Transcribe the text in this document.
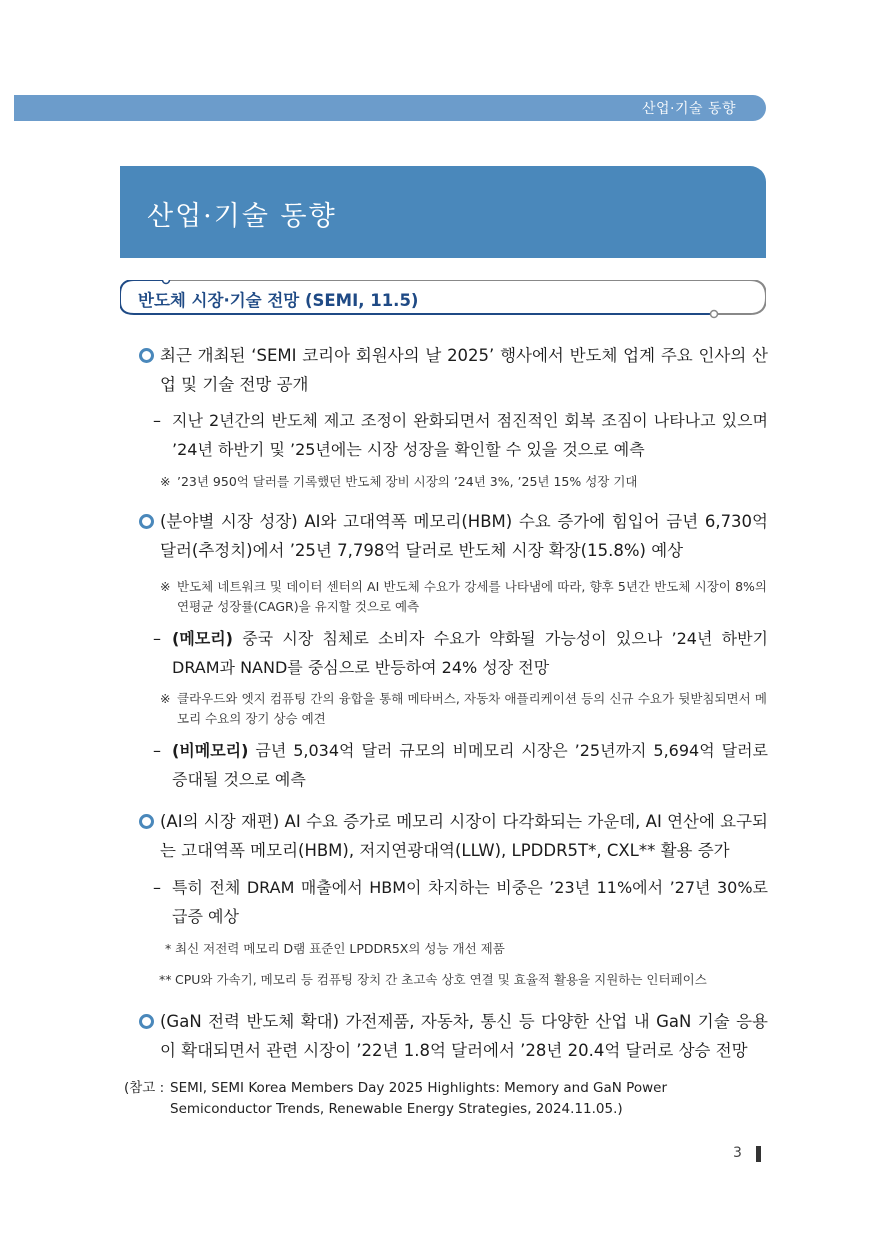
산업·기술 동향
산업·기술 동향
반도체 시장·기술 전망 (SEMI, 11.5)
최근 개최된 ‘SEMI 코리아 회원사의 날 2025’ 행사에서 반도체 업계 주요 인사의 산업 및 기술 전망 공개
– 지난 2년간의 반도체 제고 조정이 완화되면서 점진적인 회복 조짐이 나타나고 있으며 ’24년 하반기 및 ’25년에는 시장 성장을 확인할 수 있을 것으로 예측
※ ’23년 950억 달러를 기록했던 반도체 장비 시장의 ’24년 3%, ’25년 15% 성장 기대
(분야별 시장 성장) AI와 고대역폭 메모리(HBM) 수요 증가에 힘입어 금년 6,730억 달러(추정치)에서 ’25년 7,798억 달러로 반도체 시장 확장(15.8%) 예상
※ 반도체 네트워크 및 데이터 센터의 AI 반도체 수요가 강세를 나타냄에 따라, 향후 5년간 반도체 시장이 8%의 연평균 성장률(CAGR)을 유지할 것으로 예측
– (메모리) 중국 시장 침체로 소비자 수요가 약화될 가능성이 있으나 ’24년 하반기 DRAM과 NAND를 중심으로 반등하여 24% 성장 전망
※ 클라우드와 엣지 컴퓨팅 간의 융합을 통해 메타버스, 자동차 애플리케이션 등의 신규 수요가 뒷받침되면서 메모리 수요의 장기 상승 예견
– (비메모리) 금년 5,034억 달러 규모의 비메모리 시장은 ’25년까지 5,694억 달러로 증대될 것으로 예측
(AI의 시장 재편) AI 수요 증가로 메모리 시장이 다각화되는 가운데, AI 연산에 요구되는 고대역폭 메모리(HBM), 저지연광대역(LLW), LPDDR5T*, CXL** 활용 증가
– 특히 전체 DRAM 매출에서 HBM이 차지하는 비중은 ’23년 11%에서 ’27년 30%로 급증 예상
* 최신 저전력 메모리 D램 표준인 LPDDR5X의 성능 개선 제품
** CPU와 가속기, 메모리 등 컴퓨팅 장치 간 초고속 상호 연결 및 효율적 활용을 지원하는 인터페이스
(GaN 전력 반도체 확대) 가전제품, 자동차, 통신 등 다양한 산업 내 GaN 기술 응용이 확대되면서 관련 시장이 ’22년 1.8억 달러에서 ’28년 20.4억 달러로 상승 전망
(참고 : SEMI, SEMI Korea Members Day 2025 Highlights: Memory and GaN Power Semiconductor Trends, Renewable Energy Strategies, 2024.11.05.)
3
